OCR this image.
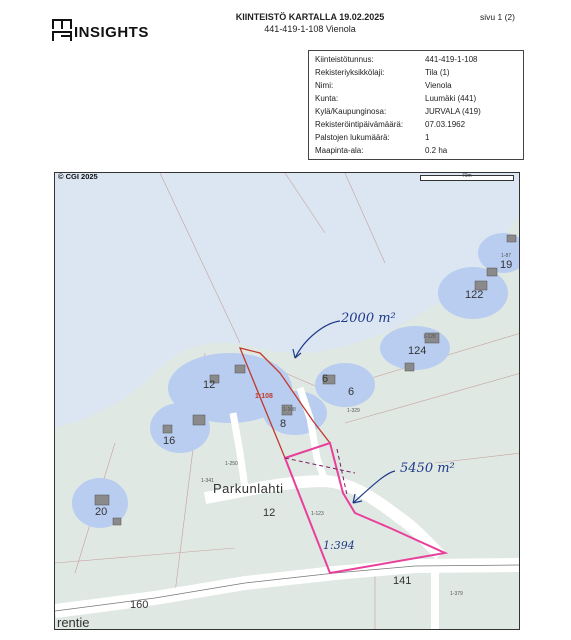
INSIGHTS
KIINTEISTÖ KARTALLA 19.02.2025
441-419-1-108 Vienola
sivu 1 (2)
Kiinteistötunnus:	441-419-1-108
Rekisteriyksikkölaji:	Tila (1)
Nimi:	Vienola
Kunta:	Luumäki (441)
Kylä/Kaupunginosa:	JURVALA (419)
Rekisteröintipäivämäärä:	07.03.1962
Palstojen lukumäärä:	1
Maapinta-ala:	0.2 ha
12
16
20
6
6
8
12
124
122
19
141
160
Parkunlahti
rentie
1:108
1:394
1-108
1-250
1-341
1-128
1-329
1-379
1-123
1-87
2000 m²
5450 m²
© CGI 2025	70m
